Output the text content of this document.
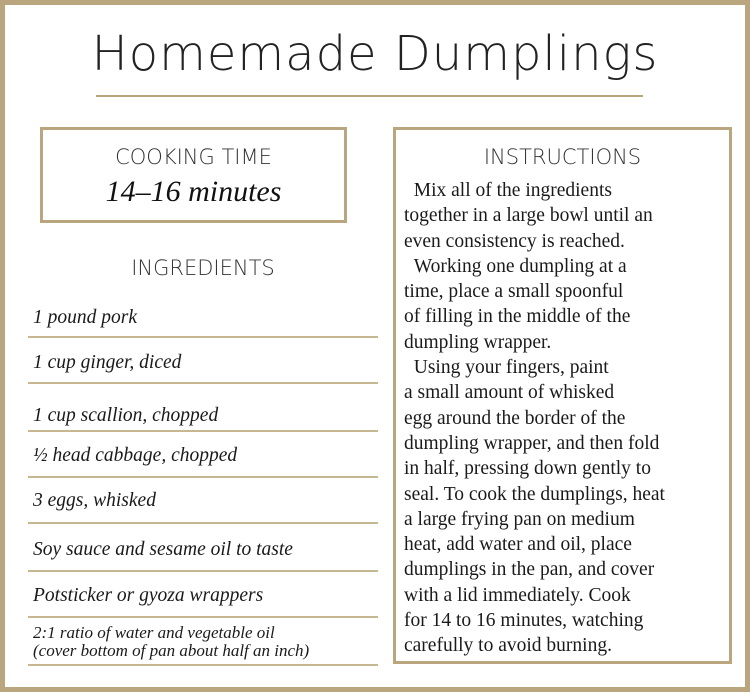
Homemade Dumplings
COOKING TIME
14–16 minutes
INGREDIENTS
1 pound pork
1 cup ginger, diced
1 cup scallion, chopped
½ head cabbage, chopped
3 eggs, whisked
Soy sauce and sesame oil to taste
Potsticker or gyoza wrappers
2:1 ratio of water and vegetable oil
(cover bottom of pan about half an inch)
INSTRUCTIONS
Mix all of the ingredients
together in a large bowl until an
even consistency is reached.
Working one dumpling at a
time, place a small spoonful
of filling in the middle of the
dumpling wrapper.
Using your fingers, paint
a small amount of whisked
egg around the border of the
dumpling wrapper, and then fold
in half, pressing down gently to
seal. To cook the dumplings, heat
a large frying pan on medium
heat, add water and oil, place
dumplings in the pan, and cover
with a lid immediately. Cook
for 14 to 16 minutes, watching
carefully to avoid burning.
